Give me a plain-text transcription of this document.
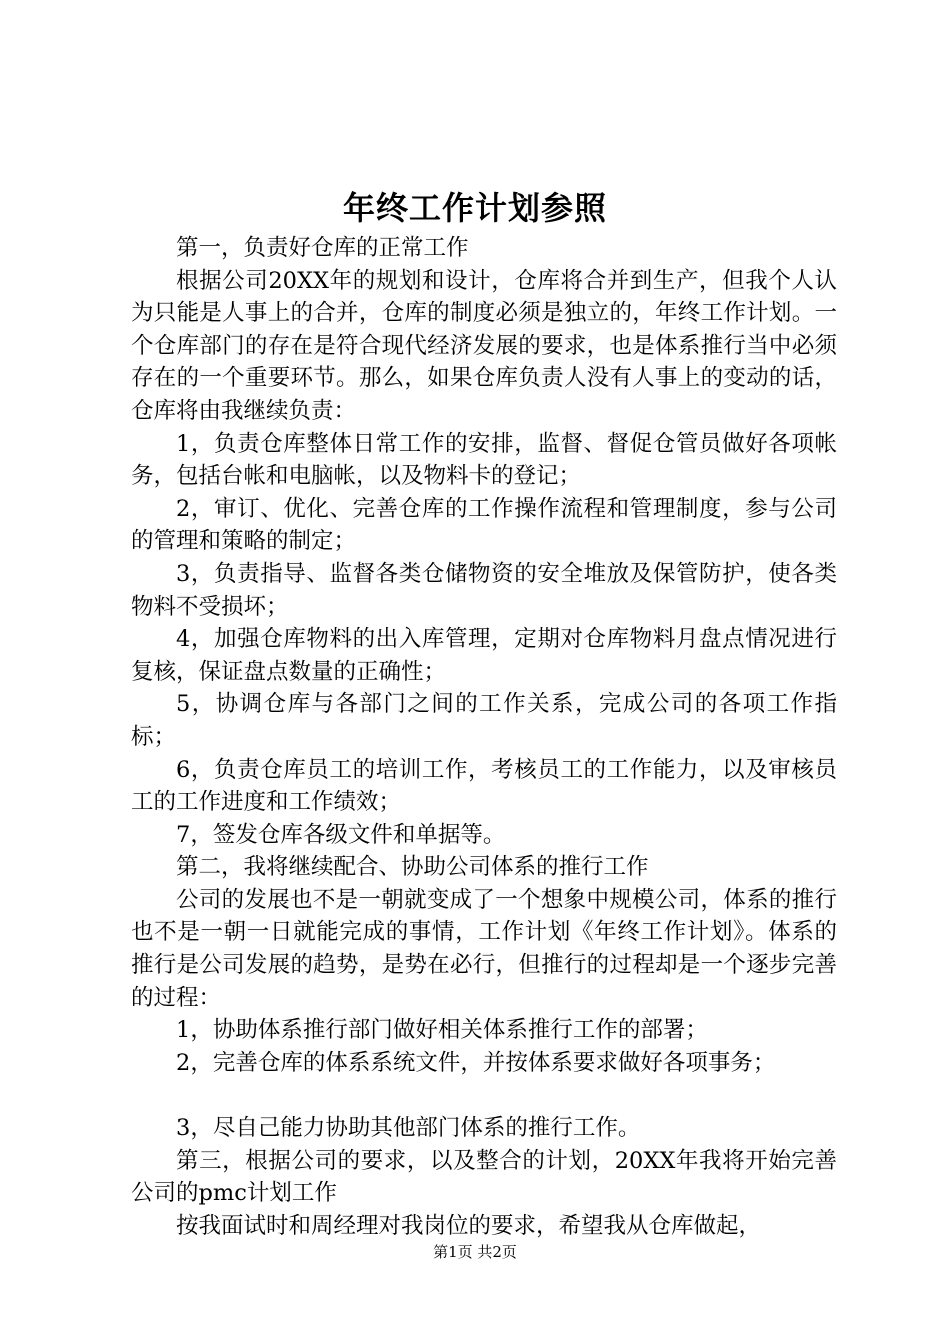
年终工作计划参照

第一，负责好仓库的正常工作

根据公司20XX年的规划和设计，仓库将合并到生产，但我个人认为只能是人事上的合并，仓库的制度必须是独立的，年终工作计划。一个仓库部门的存在是符合现代经济发展的要求，也是体系推行当中必须存在的一个重要环节。那么，如果仓库负责人没有人事上的变动的话，仓库将由我继续负责：

1，负责仓库整体日常工作的安排，监督、督促仓管员做好各项帐务，包括台帐和电脑帐，以及物料卡的登记；

2，审订、优化、完善仓库的工作操作流程和管理制度，参与公司的管理和策略的制定；

3，负责指导、监督各类仓储物资的安全堆放及保管防护，使各类物料不受损坏；

4，加强仓库物料的出入库管理，定期对仓库物料月盘点情况进行复核，保证盘点数量的正确性；

5，协调仓库与各部门之间的工作关系，完成公司的各项工作指标；

6，负责仓库员工的培训工作，考核员工的工作能力，以及审核员工的工作进度和工作绩效；

7，签发仓库各级文件和单据等。

第二，我将继续配合、协助公司体系的推行工作

公司的发展也不是一朝就变成了一个想象中规模公司，体系的推行也不是一朝一日就能完成的事情，工作计划《年终工作计划》。体系的推行是公司发展的趋势，是势在必行，但推行的过程却是一个逐步完善的过程：

1，协助体系推行部门做好相关体系推行工作的部署；

2，完善仓库的体系系统文件，并按体系要求做好各项事务；

3，尽自己能力协助其他部门体系的推行工作。

第三，根据公司的要求，以及整合的计划，20XX年我将开始完善公司的pmc计划工作

按我面试时和周经理对我岗位的要求，希望我从仓库做起，

第1页 共2页
